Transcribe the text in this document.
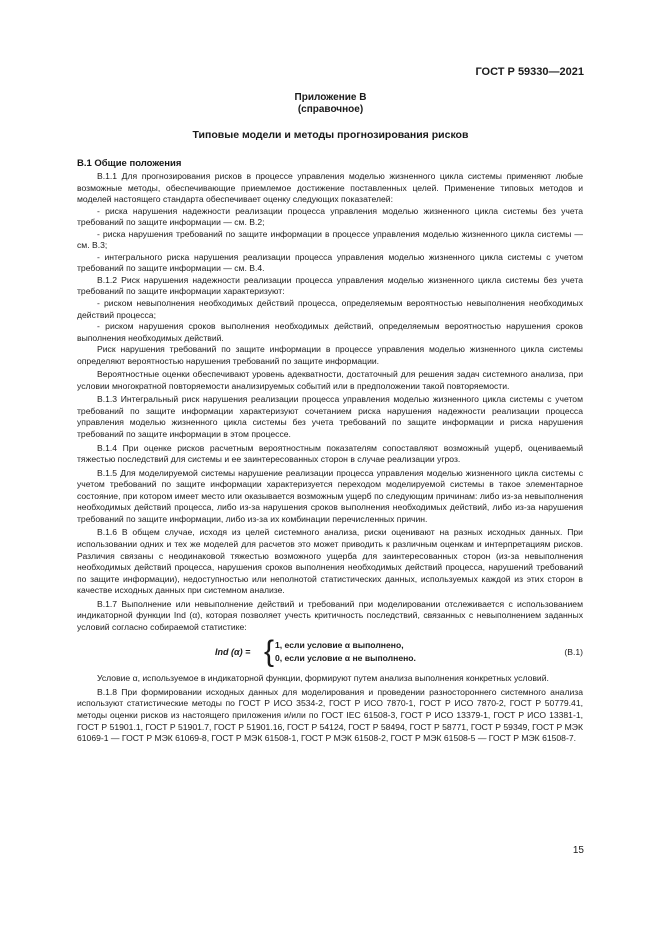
ГОСТ Р 59330—2021
Приложение В
(справочное)
Типовые модели и методы прогнозирования рисков
В.1 Общие положения

В.1.1 Для прогнозирования рисков в процессе управления моделью жизненного цикла системы применяют любые возможные методы, обеспечивающие приемлемое достижение поставленных целей. Применение типовых методов и моделей настоящего стандарта обеспечивает оценку следующих показателей:

- риска нарушения надежности реализации процесса управления моделью жизненного цикла системы без учета требований по защите информации — см. В.2;

- риска нарушения требований по защите информации в процессе управления моделью жизненного цикла системы — см. В.3;

- интегрального риска нарушения реализации процесса управления моделью жизненного цикла системы с учетом требований по защите информации — см. В.4.

В.1.2 Риск нарушения надежности реализации процесса управления моделью жизненного цикла системы без учета требований по защите информации характеризуют:

- риском невыполнения необходимых действий процесса, определяемым вероятностью невыполнения необходимых действий процесса;

- риском нарушения сроков выполнения необходимых действий, определяемым вероятностью нарушения сроков выполнения необходимых действий.

Риск нарушения требований по защите информации в процессе управления моделью жизненного цикла системы определяют вероятностью нарушения требований по защите информации.

Вероятностные оценки обеспечивают уровень адекватности, достаточный для решения задач системного анализа, при условии многократной повторяемости анализируемых событий или в предположении такой повторяемости.

В.1.3 Интегральный риск нарушения реализации процесса управления моделью жизненного цикла системы с учетом требований по защите информации характеризуют сочетанием риска нарушения надежности реализации процесса управления моделью жизненного цикла системы без учета требований по защите информации и риска нарушения требований по защите информации в этом процессе.

В.1.4 При оценке рисков расчетным вероятностным показателям сопоставляют возможный ущерб, оцениваемый тяжестью последствий для системы и ее заинтересованных сторон в случае реализации угроз.

В.1.5 Для моделируемой системы нарушение реализации процесса управления моделью жизненного цикла системы с учетом требований по защите информации характеризуется переходом моделируемой системы в такое элементарное состояние, при котором имеет место или оказывается возможным ущерб по следующим причинам: либо из-за невыполнения необходимых действий процесса, либо из-за нарушения сроков выполнения необходимых действий, либо из-за нарушения требований по защите информации, либо из-за их комбинации перечисленных причин.

В.1.6 В общем случае, исходя из целей системного анализа, риски оценивают на разных исходных данных. При использовании одних и тех же моделей для расчетов это может приводить к различным оценкам и интерпретациям рисков. Различия связаны с неодинаковой тяжестью возможного ущерба для заинтересованных сторон (из-за невыполнения необходимых действий процесса, нарушения сроков выполнения необходимых действий процесса, нарушений требований по защите информации), недоступностью или неполнотой статистических данных, используемых каждой из этих сторон в качестве исходных данных при системном анализе.

В.1.7 Выполнение или невыполнение действий и требований при моделировании отслеживается с использованием индикаторной функции Ind (α), которая позволяет учесть критичность последствий, связанных с невыполнением заданных условий согласно собираемой статистике:

Ind (α) = { 1, если условие α выполнено,
0, если условие α не выполнено.
(В.1)

Условие α, используемое в индикаторной функции, формируют путем анализа выполнения конкретных условий.

В.1.8 При формировании исходных данных для моделирования и проведении разностороннего системного анализа используют статистические методы по ГОСТ Р ИСО 3534-2, ГОСТ Р ИСО 7870-1, ГОСТ Р ИСО 7870-2, ГОСТ Р 50779.41, методы оценки рисков из настоящего приложения и/или по ГОСТ IEC 61508-3, ГОСТ Р ИСО 13379-1, ГОСТ Р ИСО 13381-1, ГОСТ Р 51901.1, ГОСТ Р 51901.7, ГОСТ Р 51901.16, ГОСТ Р 54124, ГОСТ Р 58494, ГОСТ Р 58771, ГОСТ Р 59349, ГОСТ Р МЭК 61069-1 — ГОСТ Р МЭК 61069-8, ГОСТ Р МЭК 61508-1, ГОСТ Р МЭК 61508-2, ГОСТ Р МЭК 61508-5 — ГОСТ Р МЭК 61508-7.

15
